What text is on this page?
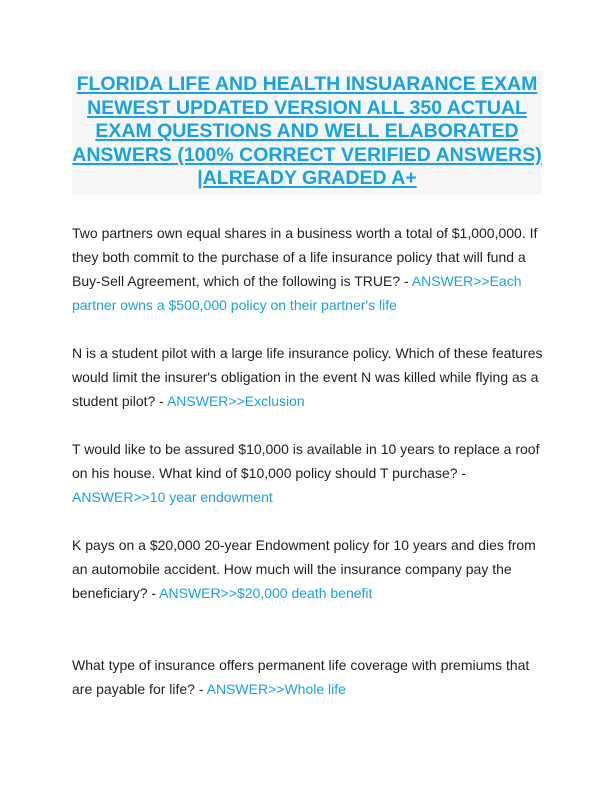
FLORIDA LIFE AND HEALTH INSUARANCE EXAM NEWEST UPDATED VERSION ALL 350 ACTUAL EXAM QUESTIONS AND WELL ELABORATED ANSWERS (100% CORRECT VERIFIED ANSWERS) |ALREADY GRADED A+

Two partners own equal shares in a business worth a total of $1,000,000. If they both commit to the purchase of a life insurance policy that will fund a Buy-Sell Agreement, which of the following is TRUE? - ANSWER>>Each partner owns a $500,000 policy on their partner's life

N is a student pilot with a large life insurance policy. Which of these features would limit the insurer's obligation in the event N was killed while flying as a student pilot? - ANSWER>>Exclusion

T would like to be assured $10,000 is available in 10 years to replace a roof on his house. What kind of $10,000 policy should T purchase? - ANSWER>>10 year endowment

K pays on a $20,000 20-year Endowment policy for 10 years and dies from an automobile accident. How much will the insurance company pay the beneficiary? - ANSWER>>$20,000 death benefit

What type of insurance offers permanent life coverage with premiums that are payable for life? - ANSWER>>Whole life
